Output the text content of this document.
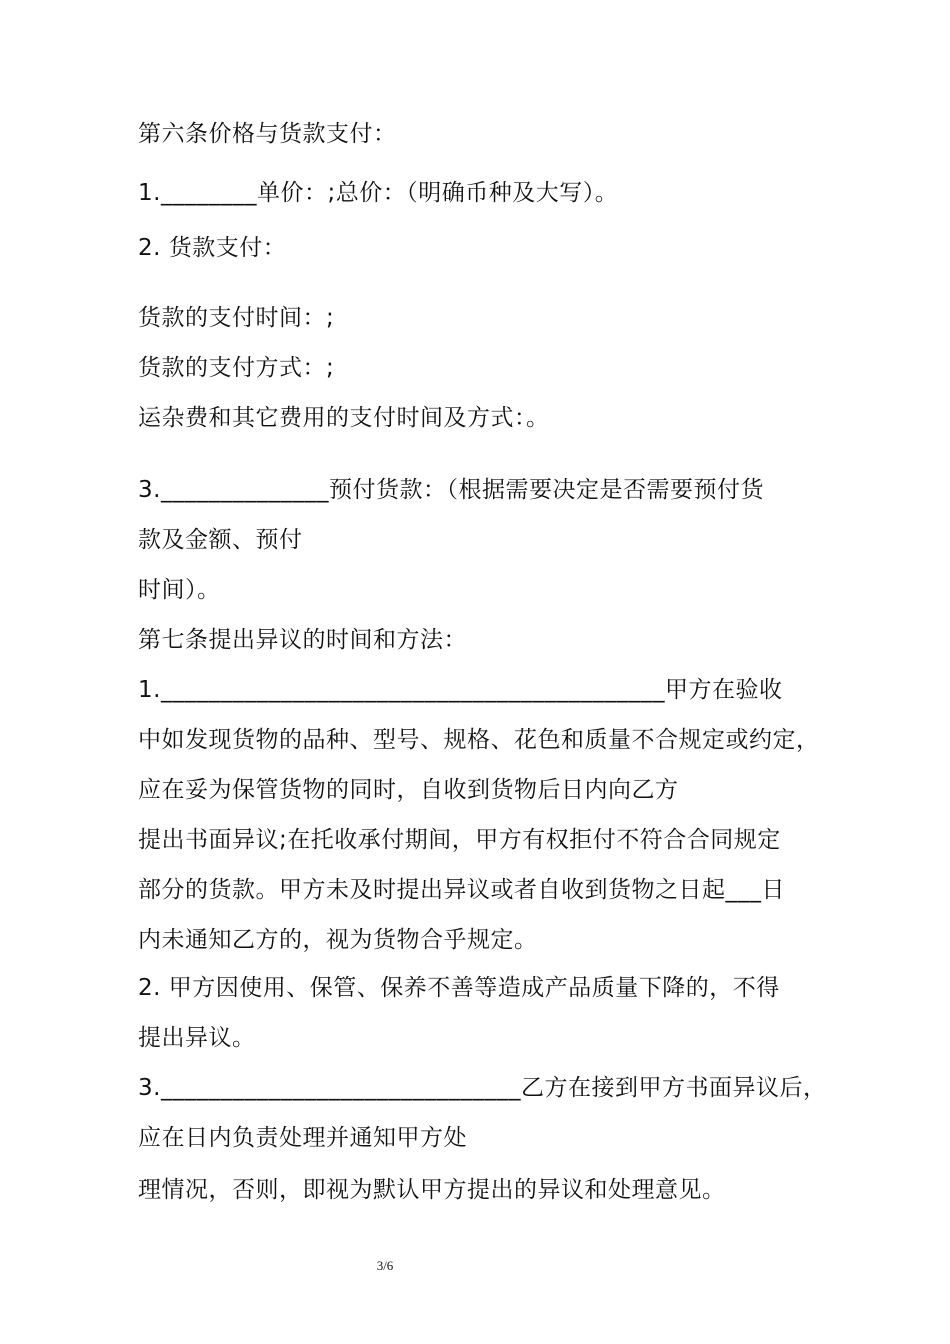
第六条价格与货款支付：
1.________单价：;总价：（明确币种及大写）。
2. 货款支付：
货款的支付时间：;
货款的支付方式：;
运杂费和其它费用的支付时间及方式：。
3.______________预付货款：（根据需要决定是否需要预付货
款及金额、预付
时间）。
第七条提出异议的时间和方法：
1.__________________________________________甲方在验收
中如发现货物的品种、型号、规格、花色和质量不合规定或约定，
应在妥为保管货物的同时，自收到货物后日内向乙方
提出书面异议;在托收承付期间，甲方有权拒付不符合合同规定
部分的货款。甲方未及时提出异议或者自收到货物之日起___日
内未通知乙方的，视为货物合乎规定。
2. 甲方因使用、保管、保养不善等造成产品质量下降的，不得
提出异议。
3.______________________________乙方在接到甲方书面异议后，
应在日内负责处理并通知甲方处
理情况，否则，即视为默认甲方提出的异议和处理意见。
3/6
